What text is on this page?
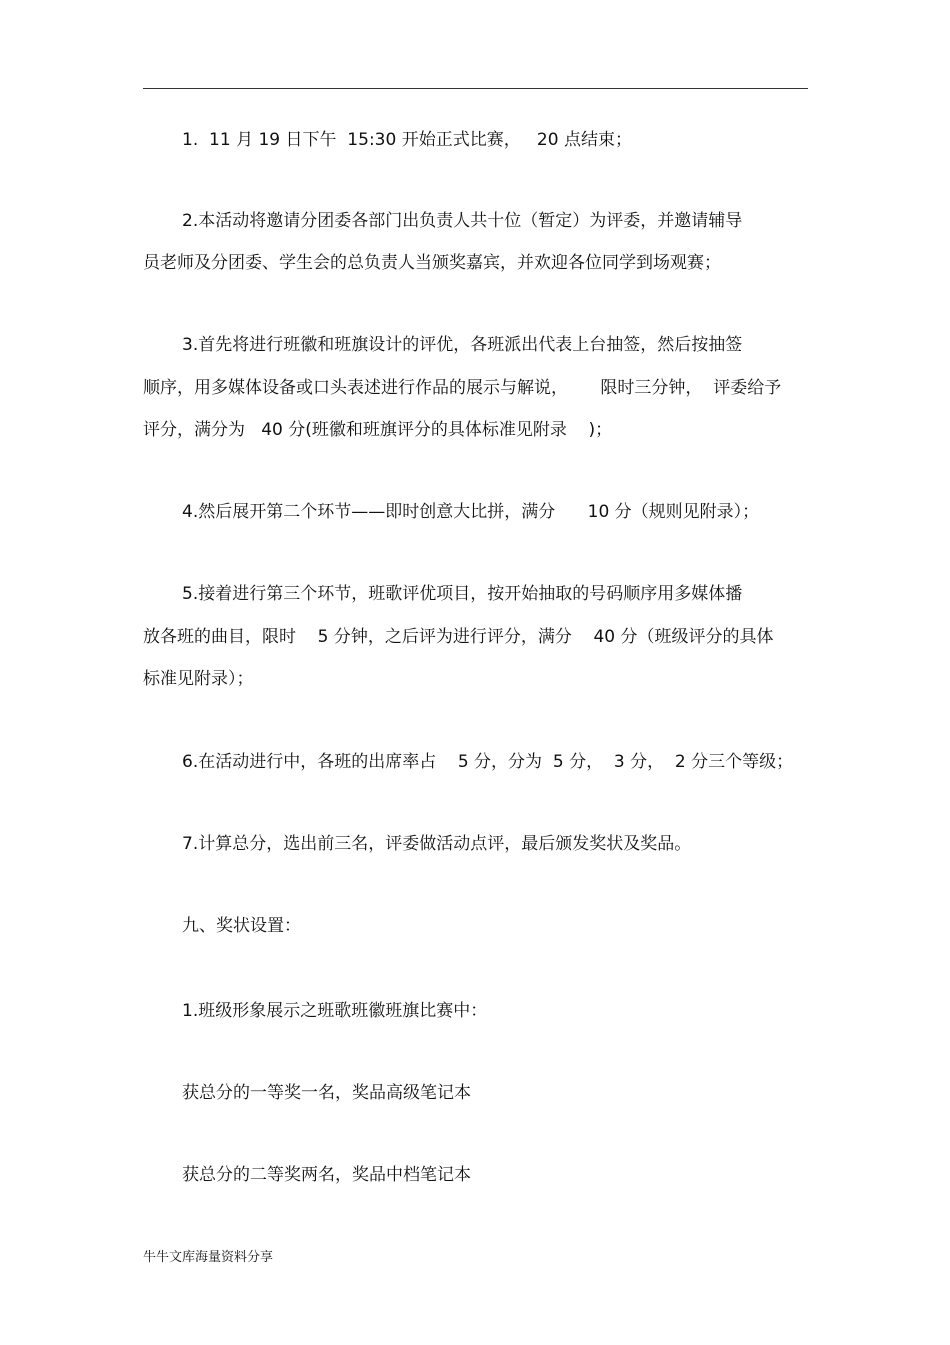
1.  11 月 19 日下午  15:30 开始正式比赛，   20 点结束；
2.本活动将邀请分团委各部门出负责人共十位（暂定）为评委，并邀请辅导
员老师及分团委、学生会的总负责人当颁奖嘉宾，并欢迎各位同学到场观赛；
3.首先将进行班徽和班旗设计的评优，各班派出代表上台抽签，然后按抽签
顺序，用多媒体设备或口头表述进行作品的展示与解说，      限时三分钟，  评委给予
评分，满分为   40 分(班徽和班旗评分的具体标准见附录    )；
4.然后展开第二个环节——即时创意大比拼，满分      10 分（规则见附录）；
5.接着进行第三个环节，班歌评优项目，按开始抽取的号码顺序用多媒体播
放各班的曲目，限时    5 分钟，之后评为进行评分，满分    40 分（班级评分的具体
标准见附录）；
6.在活动进行中，各班的出席率占    5 分，分为  5 分，  3 分，  2 分三个等级；
7.计算总分，选出前三名，评委做活动点评，最后颁发奖状及奖品。
九、奖状设置：
1.班级形象展示之班歌班徽班旗比赛中：
获总分的一等奖一名，奖品高级笔记本
获总分的二等奖两名，奖品中档笔记本
牛牛文库海量资料分享
